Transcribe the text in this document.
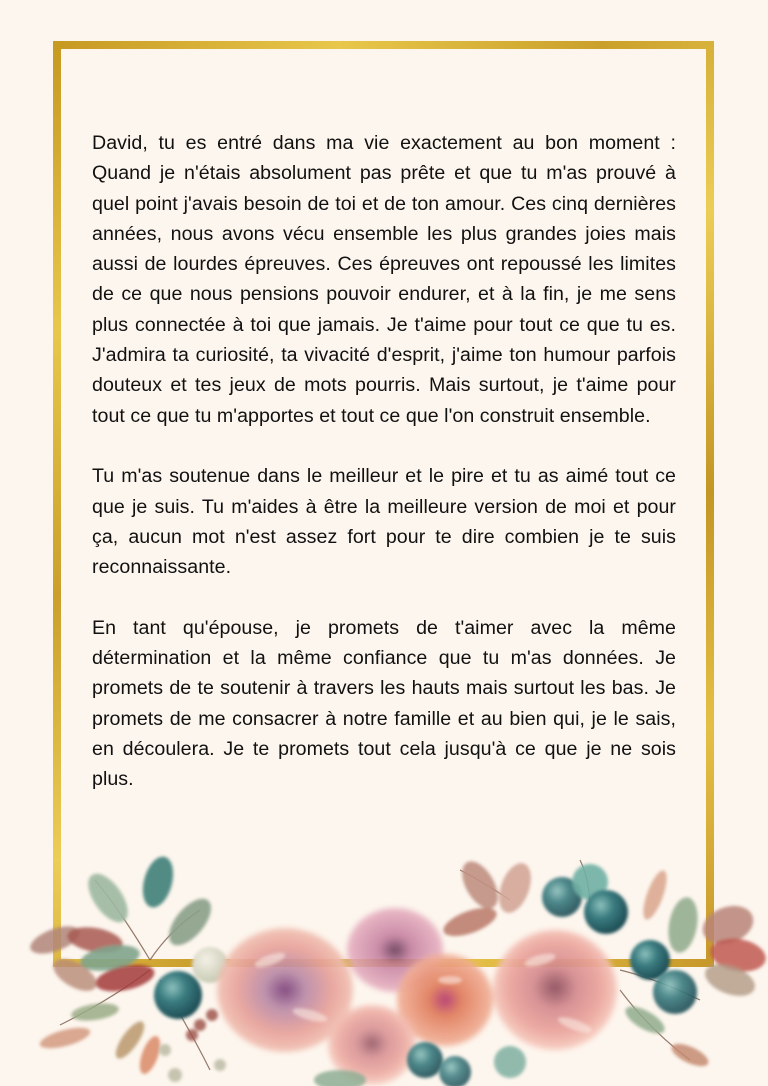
David, tu es entré dans ma vie exactement au bon moment : Quand je n'étais absolument pas prête et que tu m'as prouvé à quel point j'avais besoin de toi et de ton amour. Ces cinq dernières années, nous avons vécu ensemble les plus grandes joies mais aussi de lourdes épreuves. Ces épreuves ont repoussé les limites de ce que nous pensions pouvoir endurer, et à la fin, je me sens plus connectée à toi que jamais. Je t'aime pour tout ce que tu es. J'admira ta curiosité, ta vivacité d'esprit, j'aime ton humour parfois douteux et tes jeux de mots pourris. Mais surtout, je t'aime pour tout ce que tu m'apportes et tout ce que l'on construit ensemble.

Tu m'as soutenue dans le meilleur et le pire et tu as aimé tout ce que je suis. Tu m'aides à être la meilleure version de moi et pour ça, aucun mot n'est assez fort pour te dire combien je te suis reconnaissante.

En tant qu'épouse, je promets de t'aimer avec la même détermination et la même confiance que tu m'as données. Je promets de te soutenir à travers les hauts mais surtout les bas. Je promets de me consacrer à notre famille et au bien qui, je le sais, en découlera. Je te promets tout cela jusqu'à ce que je ne sois plus.
